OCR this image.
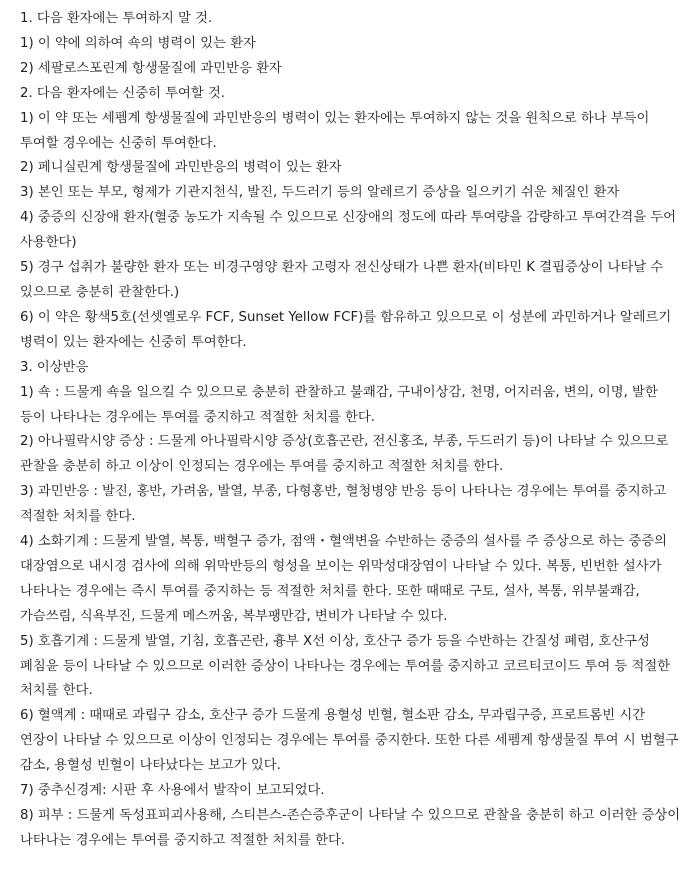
1. 다음 환자에는 투여하지 말 것.

1) 이 약에 의하여 쇽의 병력이 있는 환자

2) 세팔로스포린계 항생물질에 과민반응 환자

2. 다음 환자에는 신중히 투여할 것.

1) 이 약 또는 세펨계 항생물질에 과민반응의 병력이 있는 환자에는 투여하지 않는 것을 원칙으로 하나 부득이 투여할 경우에는 신중히 투여한다.

2) 페니실린계 항생물질에 과민반응의 병력이 있는 환자

3) 본인 또는 부모, 형제가 기관지천식, 발진, 두드러기 등의 알레르기 증상을 일으키기 쉬운 체질인 환자

4) 중증의 신장애 환자(혈중 농도가 지속될 수 있으므로 신장애의 정도에 따라 투여량을 감량하고 투여간격을 두어 사용한다)

5) 경구 섭취가 불량한 환자 또는 비경구영양 환자 고령자 전신상태가 나쁜 환자(비타민 K 결핍증상이 나타날 수 있으므로 충분히 관찰한다.)

6) 이 약은 황색5호(선셋옐로우 FCF, Sunset Yellow FCF)를 함유하고 있으므로 이 성분에 과민하거나 알레르기 병력이 있는 환자에는 신중히 투여한다.

3. 이상반응

1) 쇽 : 드물게 쇽을 일으킬 수 있으므로 충분히 관찰하고 불쾌감, 구내이상감, 천명, 어지러움, 변의, 이명, 발한 등이 나타나는 경우에는 투여를 중지하고 적절한 처치를 한다.

2) 아나필락시양 증상 : 드물게 아나필락시양 증상(호흡곤란, 전신홍조, 부종, 두드러기 등)이 나타날 수 있으므로 관찰을 충분히 하고 이상이 인정되는 경우에는 투여를 중지하고 적절한 처치를 한다.

3) 과민반응 : 발진, 홍반, 가려움, 발열, 부종, 다형홍반, 혈청병양 반응 등이 나타나는 경우에는 투여를 중지하고 적절한 처치를 한다.

4) 소화기계 : 드물게 발열, 복통, 백혈구 증가, 점액・혈액변을 수반하는 중증의 설사를 주 증상으로 하는 중증의 대장염으로 내시경 검사에 의해 위막반등의 형성을 보이는 위막성대장염이 나타날 수 있다. 복통, 빈번한 설사가 나타나는 경우에는 즉시 투여를 중지하는 등 적절한 처치를 한다. 또한 때때로 구토, 설사, 복통, 위부불쾌감, 가슴쓰림, 식욕부진, 드물게 메스꺼움, 복부팽만감, 변비가 나타날 수 있다.

5) 호흡기계 : 드물게 발열, 기침, 호흡곤란, 흉부 X선 이상, 호산구 증가 등을 수반하는 간질성 폐렴, 호산구성 폐침윤 등이 나타날 수 있으므로 이러한 증상이 나타나는 경우에는 투여를 중지하고 코르티코이드 투여 등 적절한 처치를 한다.

6) 혈액계 : 때때로 과립구 감소, 호산구 증가 드물게 용혈성 빈혈, 혈소판 감소, 무과립구증, 프로트롬빈 시간 연장이 나타날 수 있으므로 이상이 인정되는 경우에는 투여를 중지한다. 또한 다른 세펨계 항생물질 투여 시 범혈구 감소, 용혈성 빈혈이 나타났다는 보고가 있다.

7) 중추신경계: 시판 후 사용에서 발작이 보고되었다.

8) 피부 : 드물게 독성표피괴사용해, 스티븐스-존슨증후군이 나타날 수 있으므로 관찰을 충분히 하고 이러한 증상이 나타나는 경우에는 투여를 중지하고 적절한 처치를 한다.
